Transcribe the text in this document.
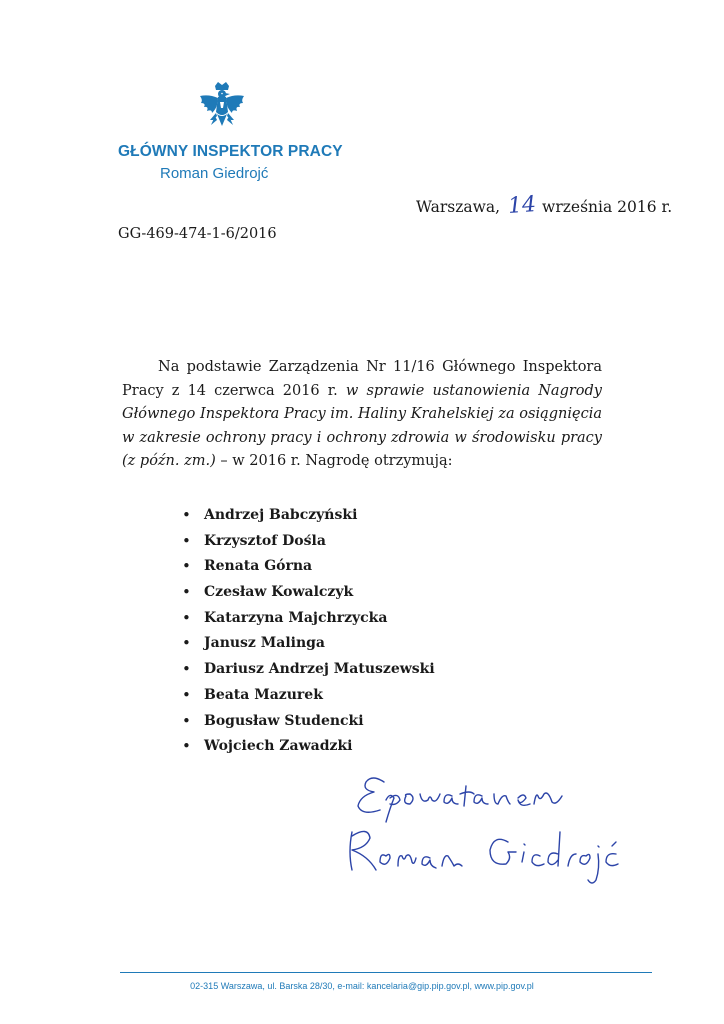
GŁÓWNY INSPEKTOR PRACY
Roman Giedrojć
Warszawa, 14 września 2016 r.
GG-469-474-1-6/2016
Na podstawie Zarządzenia Nr 11/16 Głównego Inspektora Pracy z 14 czerwca 2016 r. w sprawie ustanowienia Nagrody Głównego Inspektora Pracy im. Haliny Krahelskiej za osiągnięcia w zakresie ochrony pracy i ochrony zdrowia w środowisku pracy (z późn. zm.) – w 2016 r. Nagrodę otrzymują:
• Andrzej Babczyński
• Krzysztof Dośla
• Renata Górna
• Czesław Kowalczyk
• Katarzyna Majchrzycka
• Janusz Malinga
• Dariusz Andrzej Matuszewski
• Beata Mazurek
• Bogusław Studencki
• Wojciech Zawadzki
02-315 Warszawa, ul. Barska 28/30, e-mail: kancelaria@gip.pip.gov.pl, www.pip.gov.pl
